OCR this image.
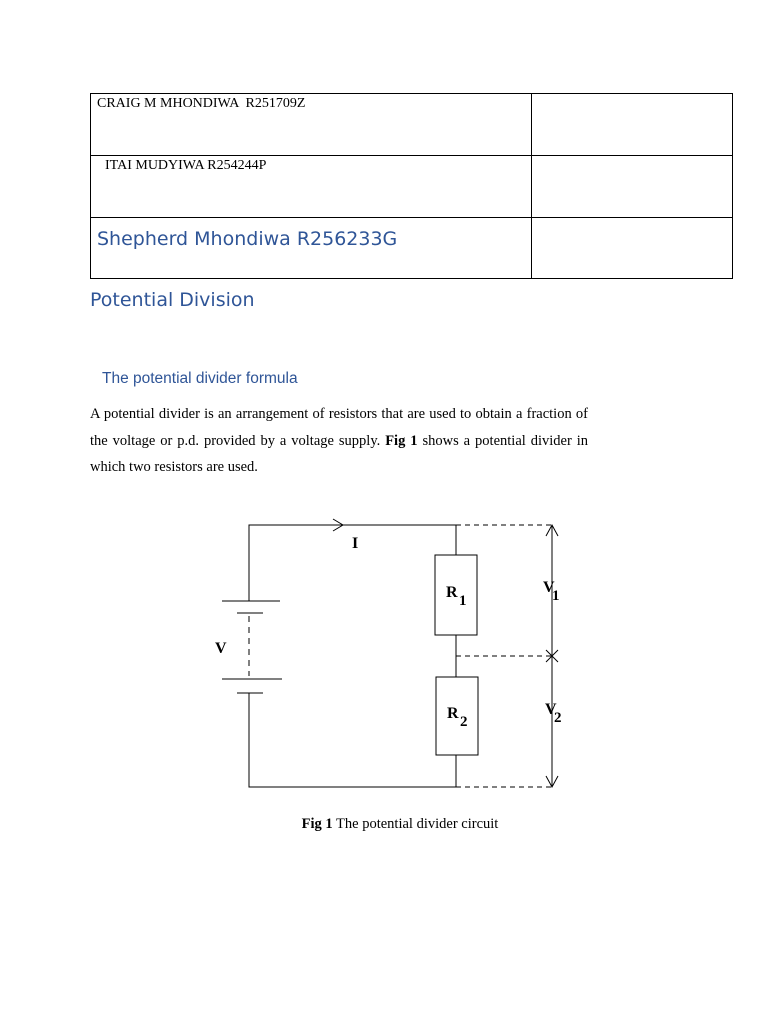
CRAIG M MHONDIWA  R251709Z	

ITAI MUDYIWA R254244P	

Shepherd Mhondiwa R256233G	

Potential Division
The potential divider formula

A potential divider is an arrangement of resistors that are used to obtain a fraction of the voltage or p.d. provided by a voltage supply. Fig 1 shows a potential divider in which two resistors are used.

I
V
R 1
R 2
V
1
V
2
Fig 1 The potential divider circuit
